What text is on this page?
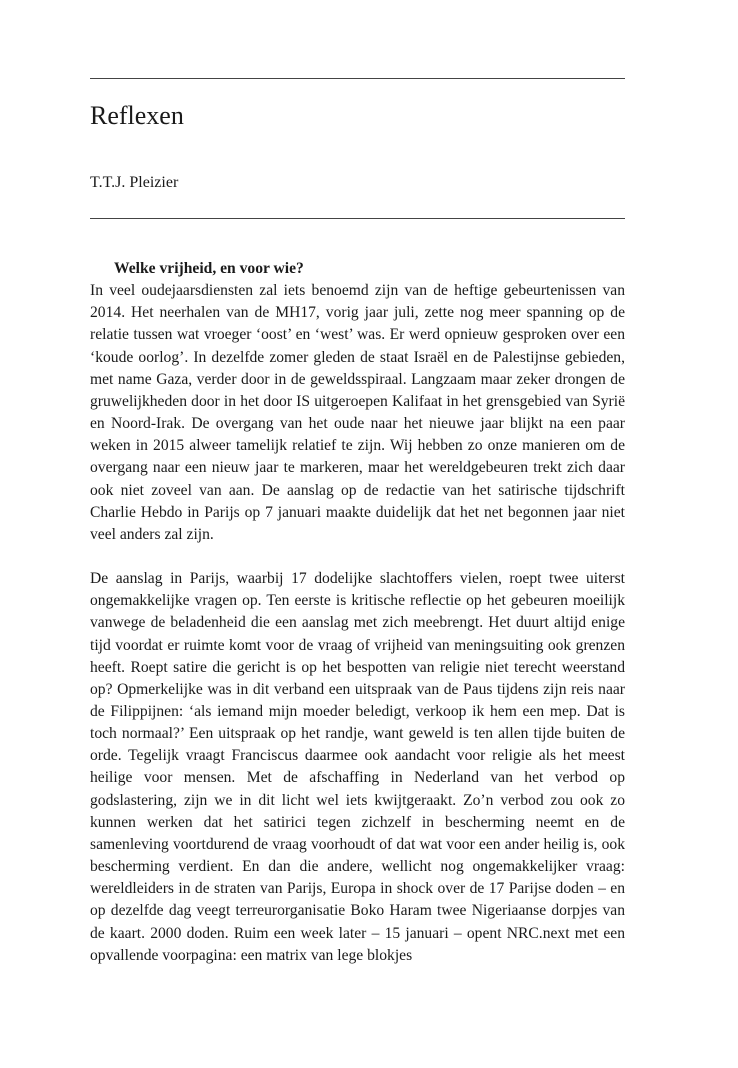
Reflexen

T.T.J. Pleizier

Welke vrijheid, en voor wie?

In veel oudejaarsdiensten zal iets benoemd zijn van de heftige gebeurtenissen van 2014. Het neerhalen van de MH17, vorig jaar juli, zette nog meer spanning op de relatie tussen wat vroeger ‘oost’ en ‘west’ was. Er werd opnieuw gesproken over een ‘koude oorlog’. In dezelfde zomer gleden de staat Israël en de Palestijnse gebieden, met name Gaza, verder door in de geweldsspiraal. Langzaam maar zeker drongen de gruwelijkheden door in het door IS uitgeroepen Kalifaat in het grensgebied van Syrië en Noord-Irak. De overgang van het oude naar het nieuwe jaar blijkt na een paar weken in 2015 alweer tamelijk relatief te zijn. Wij hebben zo onze manieren om de overgang naar een nieuw jaar te markeren, maar het wereldgebeuren trekt zich daar ook niet zoveel van aan. De aanslag op de redactie van het satirische tijdschrift Charlie Hebdo in Parijs op 7 januari maakte duidelijk dat het net begonnen jaar niet veel anders zal zijn.

De aanslag in Parijs, waarbij 17 dodelijke slachtoffers vielen, roept twee uiterst ongemakkelijke vragen op. Ten eerste is kritische reflectie op het gebeuren moeilijk vanwege de beladenheid die een aanslag met zich meebrengt. Het duurt altijd enige tijd voordat er ruimte komt voor de vraag of vrijheid van meningsuiting ook grenzen heeft. Roept satire die gericht is op het bespotten van religie niet terecht weerstand op? Opmerkelijke was in dit verband een uitspraak van de Paus tijdens zijn reis naar de Filippijnen: ‘als iemand mijn moeder beledigt, verkoop ik hem een mep. Dat is toch normaal?’ Een uitspraak op het randje, want geweld is ten allen tijde buiten de orde. Tegelijk vraagt Franciscus daarmee ook aandacht voor religie als het meest heilige voor mensen. Met de afschaffing in Nederland van het verbod op godslastering, zijn we in dit licht wel iets kwijtgeraakt. Zo’n verbod zou ook zo kunnen werken dat het satirici tegen zichzelf in bescherming neemt en de samenleving voortdurend de vraag voorhoudt of dat wat voor een ander heilig is, ook bescherming verdient. En dan die andere, wellicht nog ongemakkelijker vraag: wereldleiders in de straten van Parijs, Europa in shock over de 17 Parijse doden – en op dezelfde dag veegt terreurorganisatie Boko Haram twee Nigeriaanse dorpjes van de kaart. 2000 doden. Ruim een week later – 15 januari – opent NRC.next met een opvallende voorpagina: een matrix van lege blokjes
